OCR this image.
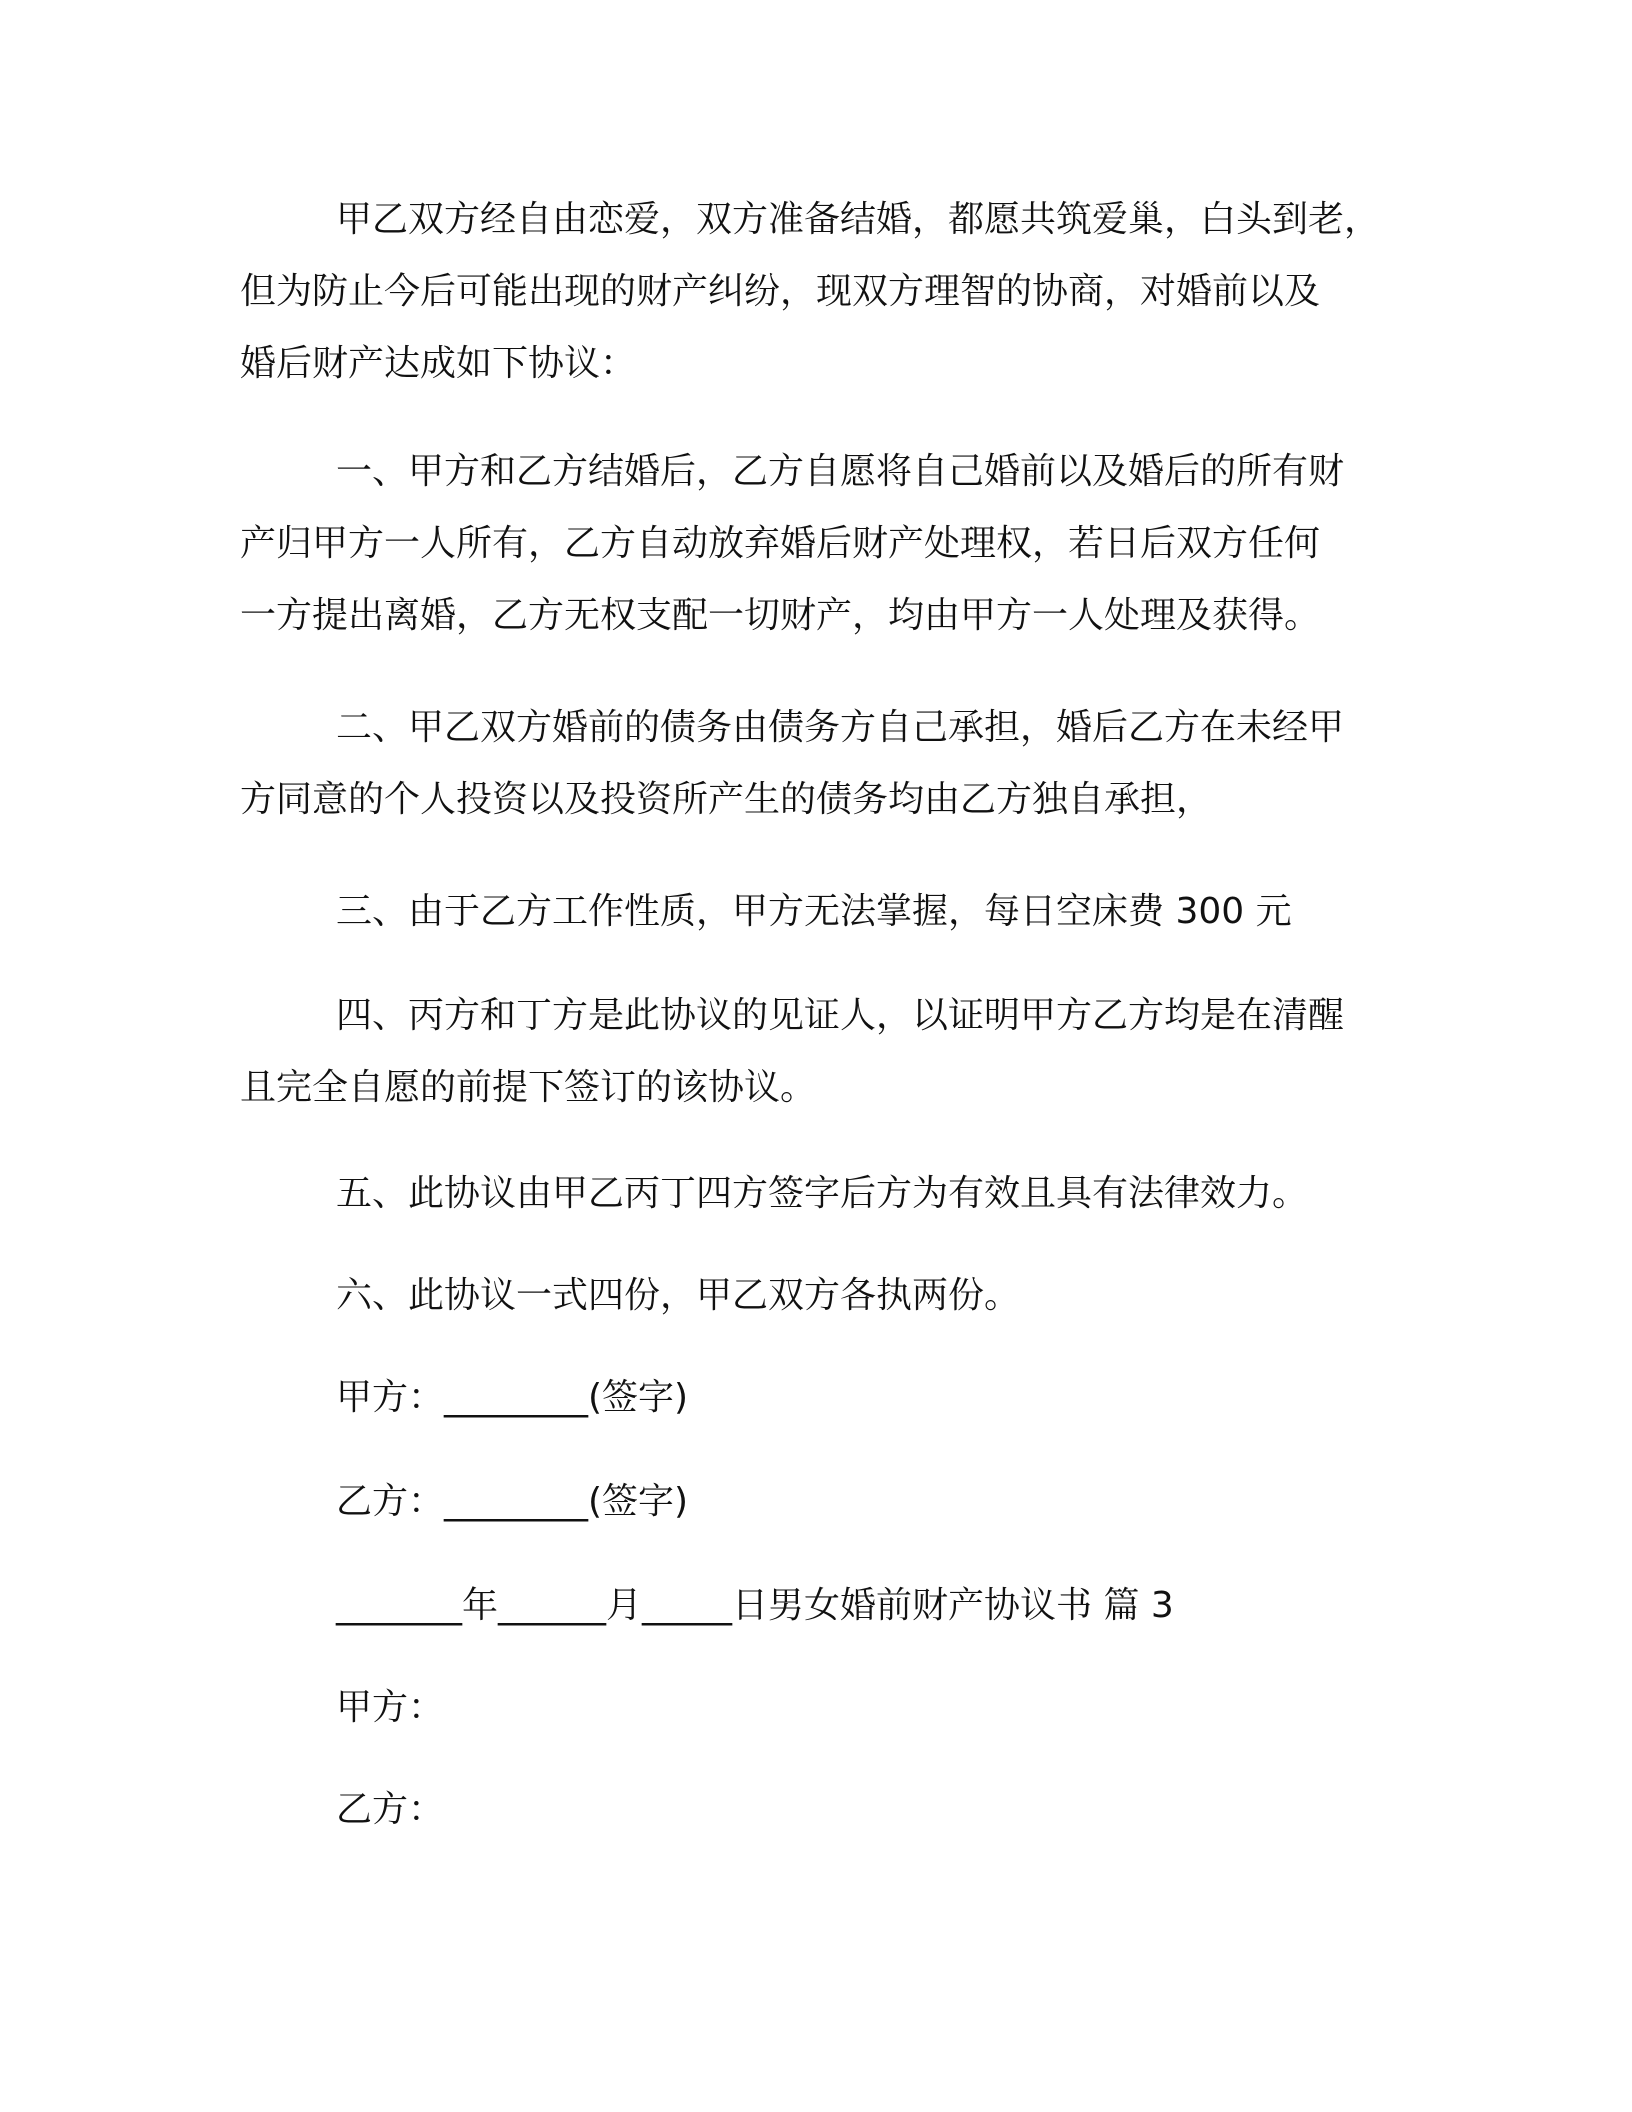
甲乙双方经自由恋爱，双方准备结婚，都愿共筑爱巢，白头到老，
但为防止今后可能出现的财产纠纷，现双方理智的协商，对婚前以及
婚后财产达成如下协议：
一、甲方和乙方结婚后，乙方自愿将自己婚前以及婚后的所有财
产归甲方一人所有，乙方自动放弃婚后财产处理权，若日后双方任何
一方提出离婚，乙方无权支配一切财产，均由甲方一人处理及获得。
二、甲乙双方婚前的债务由债务方自己承担，婚后乙方在未经甲
方同意的个人投资以及投资所产生的债务均由乙方独自承担，
三、由于乙方工作性质，甲方无法掌握，每日空床费 300 元
四、丙方和丁方是此协议的见证人，以证明甲方乙方均是在清醒
且完全自愿的前提下签订的该协议。
五、此协议由甲乙丙丁四方签字后方为有效且具有法律效力。
六、此协议一式四份，甲乙双方各执两份。
甲方：________(签字)
乙方：________(签字)
_______年______月_____日男女婚前财产协议书 篇 3
甲方：
乙方：
